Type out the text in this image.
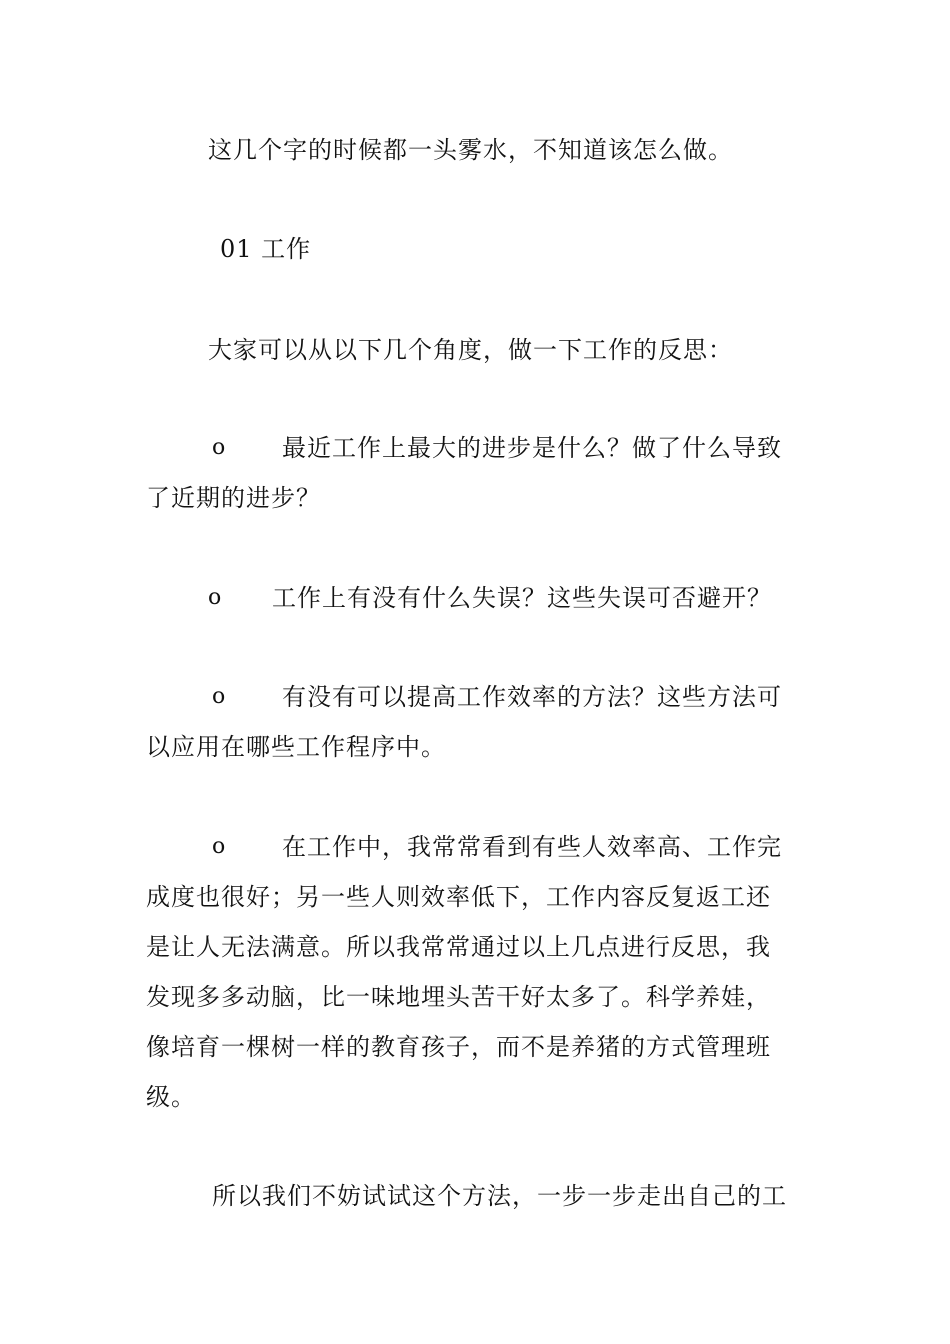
这几个字的时候都一头雾水，不知道该怎么做。
01 工作
大家可以从以下几个角度，做一下工作的反思：
o 最近工作上最大的进步是什么？做了什么导致
了近期的进步？
o 工作上有没有什么失误？这些失误可否避开？
o 有没有可以提高工作效率的方法？这些方法可
以应用在哪些工作程序中。
o 在工作中，我常常看到有些人效率高、工作完
成度也很好；另一些人则效率低下，工作内容反复返工还
是让人无法满意。所以我常常通过以上几点进行反思，我
发现多多动脑，比一味地埋头苦干好太多了。科学养娃，
像培育一棵树一样的教育孩子，而不是养猪的方式管理班
级。
所以我们不妨试试这个方法，一步一步走出自己的工
